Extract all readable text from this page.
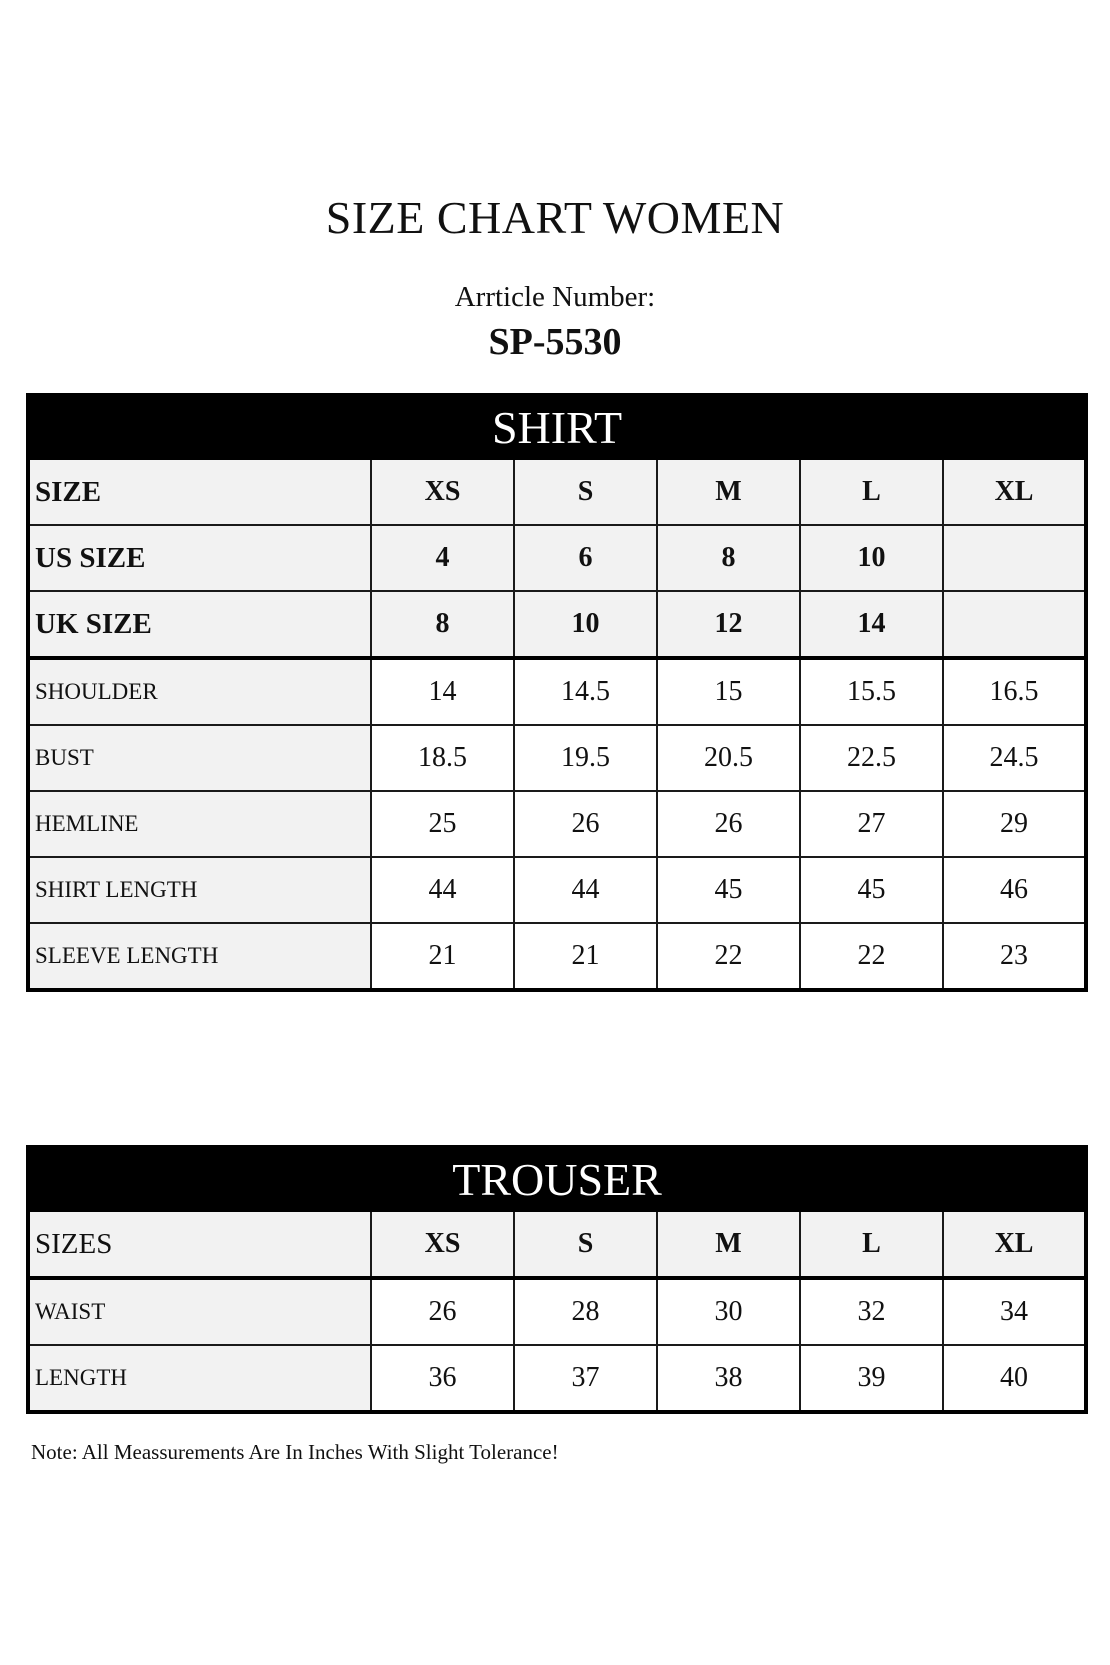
SIZE CHART WOMEN
Arrticle Number:
SP-5530
SHIRT					
SIZE	XS	S	M	L	XL
US SIZE	4	6	8	10	
UK SIZE	8	10	12	14	
SHOULDER	14	14.5	15	15.5	16.5
BUST	18.5	19.5	20.5	22.5	24.5
HEMLINE	25	26	26	27	29
SHIRT LENGTH	44	44	45	45	46
SLEEVE LENGTH	21	21	22	22	23
TROUSER					
SIZES	XS	S	M	L	XL
WAIST	26	28	30	32	34
LENGTH	36	37	38	39	40
Note: All Meassurements Are In Inches With Slight Tolerance!
